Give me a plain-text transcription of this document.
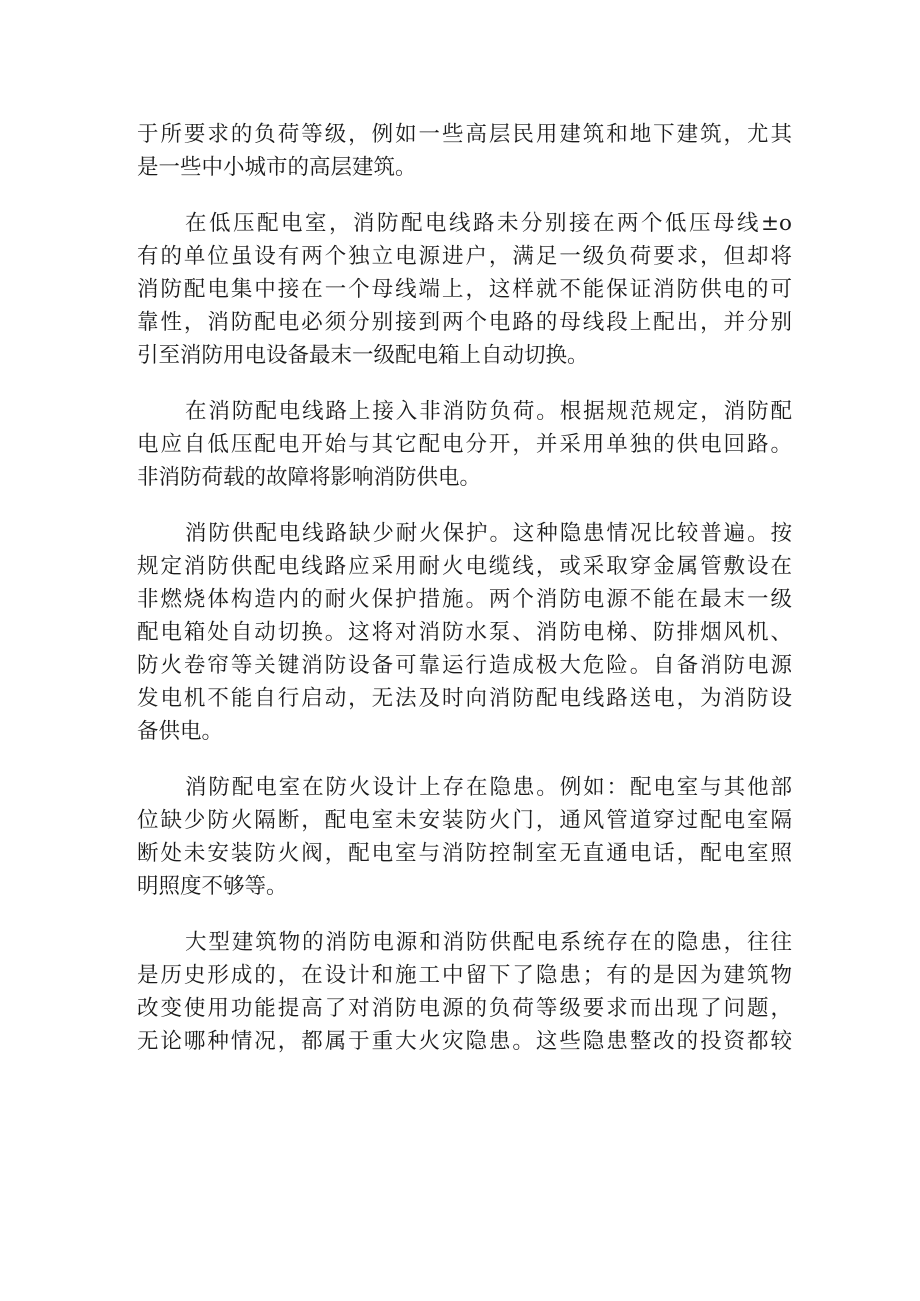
于所要求的负荷等级，例如一些高层民用建筑和地下建筑，尤其
是一些中小城市的高层建筑。
在低压配电室，消防配电线路未分别接在两个低压母线±o
有的单位虽设有两个独立电源进户，满足一级负荷要求，但却将
消防配电集中接在一个母线端上，这样就不能保证消防供电的可
靠性，消防配电必须分别接到两个电路的母线段上配出，并分别
引至消防用电设备最末一级配电箱上自动切换。
在消防配电线路上接入非消防负荷。根据规范规定，消防配
电应自低压配电开始与其它配电分开，并采用单独的供电回路。
非消防荷载的故障将影响消防供电。
消防供配电线路缺少耐火保护。这种隐患情况比较普遍。按
规定消防供配电线路应采用耐火电缆线，或采取穿金属管敷设在
非燃烧体构造内的耐火保护措施。两个消防电源不能在最末一级
配电箱处自动切换。这将对消防水泵、消防电梯、防排烟风机、
防火卷帘等关键消防设备可靠运行造成极大危险。自备消防电源
发电机不能自行启动，无法及时向消防配电线路送电，为消防设
备供电。
消防配电室在防火设计上存在隐患。例如：配电室与其他部
位缺少防火隔断，配电室未安装防火门，通风管道穿过配电室隔
断处未安装防火阀，配电室与消防控制室无直通电话，配电室照
明照度不够等。
大型建筑物的消防电源和消防供配电系统存在的隐患，往往
是历史形成的，在设计和施工中留下了隐患；有的是因为建筑物
改变使用功能提高了对消防电源的负荷等级要求而出现了问题，
无论哪种情况，都属于重大火灾隐患。这些隐患整改的投资都较
